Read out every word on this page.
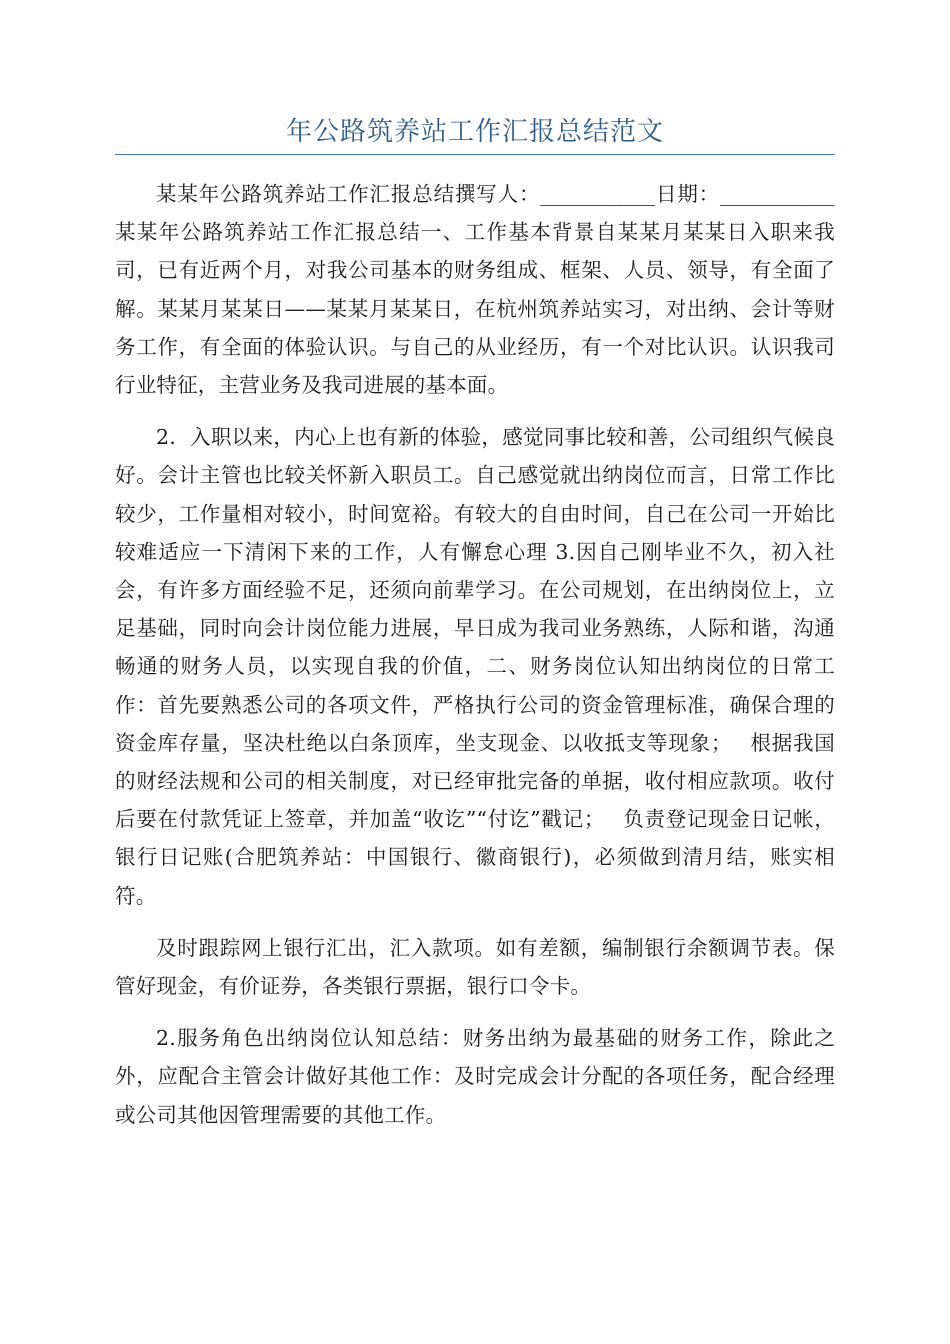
年公路筑养站工作汇报总结范文

某某年公路筑养站工作汇报总结撰写人：___________日期：___________某某年公路筑养站工作汇报总结一、工作基本背景自某某月某某日入职来我司，已有近两个月，对我公司基本的财务组成、框架、人员、领导，有全面了解。某某月某某日——某某月某某日，在杭州筑养站实习，对出纳、会计等财务工作，有全面的体验认识。与自己的从业经历，有一个对比认识。认识我司行业特征，主营业务及我司进展的基本面。

2．入职以来，内心上也有新的体验，感觉同事比较和善，公司组织气候良好。会计主管也比较关怀新入职员工。自己感觉就出纳岗位而言，日常工作比较少，工作量相对较小，时间宽裕。有较大的自由时间，自己在公司一开始比较难适应一下清闲下来的工作，人有懈怠心理 3.因自己刚毕业不久，初入社会，有许多方面经验不足，还须向前辈学习。在公司规划，在出纳岗位上，立足基础，同时向会计岗位能力进展，早日成为我司业务熟练，人际和谐，沟通畅通的财务人员，以实现自我的价值，二、财务岗位认知出纳岗位的日常工作：首先要熟悉公司的各项文件，严格执行公司的资金管理标准，确保合理的资金库存量，坚决杜绝以白条顶库，坐支现金、以收抵支等现象；　 根据我国的财经法规和公司的相关制度，对已经审批完备的单据，收付相应款项。收付后要在付款凭证上签章，并加盖“收讫”“付讫”戳记；　 负责登记现金日记帐，银行日记账(合肥筑养站：中国银行、徽商银行)，必须做到清月结，账实相符。

及时跟踪网上银行汇出，汇入款项。如有差额，编制银行余额调节表。保管好现金，有价证券，各类银行票据，银行口令卡。

2.服务角色出纳岗位认知总结：财务出纳为最基础的财务工作，除此之外，应配合主管会计做好其他工作：及时完成会计分配的各项任务，配合经理或公司其他因管理需要的其他工作。
